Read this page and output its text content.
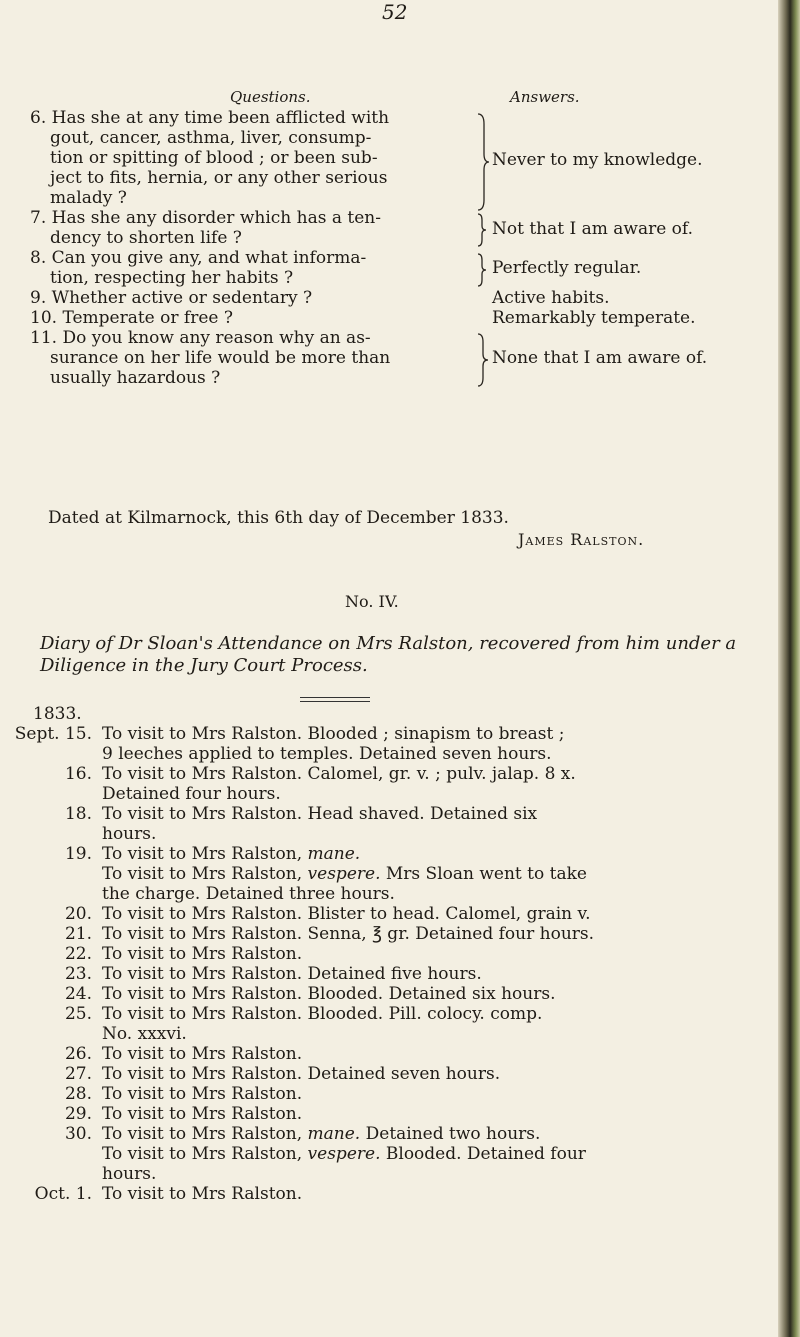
52
Questions.	Answers.
6. Has she at any time been afflicted with
gout, cancer, asthma, liver, consump-
tion or spitting of blood ; or been sub-
ject to fits, hernia, or any other serious
malady ?
Never to my knowledge.
7. Has she any disorder which has a ten-
dency to shorten life ?	Not that I am aware of.
8. Can you give any, and what informa-
tion, respecting her habits ?	Perfectly regular.
9. Whether active or sedentary ?	Active habits.
10. Temperate or free ?	Remarkably temperate.
11. Do you know any reason why an as-
surance on her life would be more than
usually hazardous ?
None that I am aware of.
Dated at Kilmarnock, this 6th day of December 1833.
James Ralston.
No. IV.
Diary of Dr Sloan's Attendance on Mrs Ralston, recovered from him under a Diligence in the Jury Court Process.
1833.
Sept. 15. To visit to Mrs Ralston. Blooded ; sinapism to breast ;
9 leeches applied to temples. Detained seven hours.
16. To visit to Mrs Ralston. Calomel, gr. v. ; pulv. jalap. 8 x.
Detained four hours.
18. To visit to Mrs Ralston. Head shaved. Detained six
hours.
19. To visit to Mrs Ralston, mane.
To visit to Mrs Ralston, vespere. Mrs Sloan went to take
the charge. Detained three hours.
20. To visit to Mrs Ralston. Blister to head. Calomel, grain v.
21. To visit to Mrs Ralston. Senna, ℥ gr. Detained four hours.
22. To visit to Mrs Ralston.
23. To visit to Mrs Ralston. Detained five hours.
24. To visit to Mrs Ralston. Blooded. Detained six hours.
25. To visit to Mrs Ralston. Blooded. Pill. colocy. comp.
No. xxxvi.
26. To visit to Mrs Ralston.
27. To visit to Mrs Ralston. Detained seven hours.
28. To visit to Mrs Ralston.
29. To visit to Mrs Ralston.
30. To visit to Mrs Ralston, mane. Detained two hours.
To visit to Mrs Ralston, vespere. Blooded. Detained four
hours.
Oct. 1. To visit to Mrs Ralston.
